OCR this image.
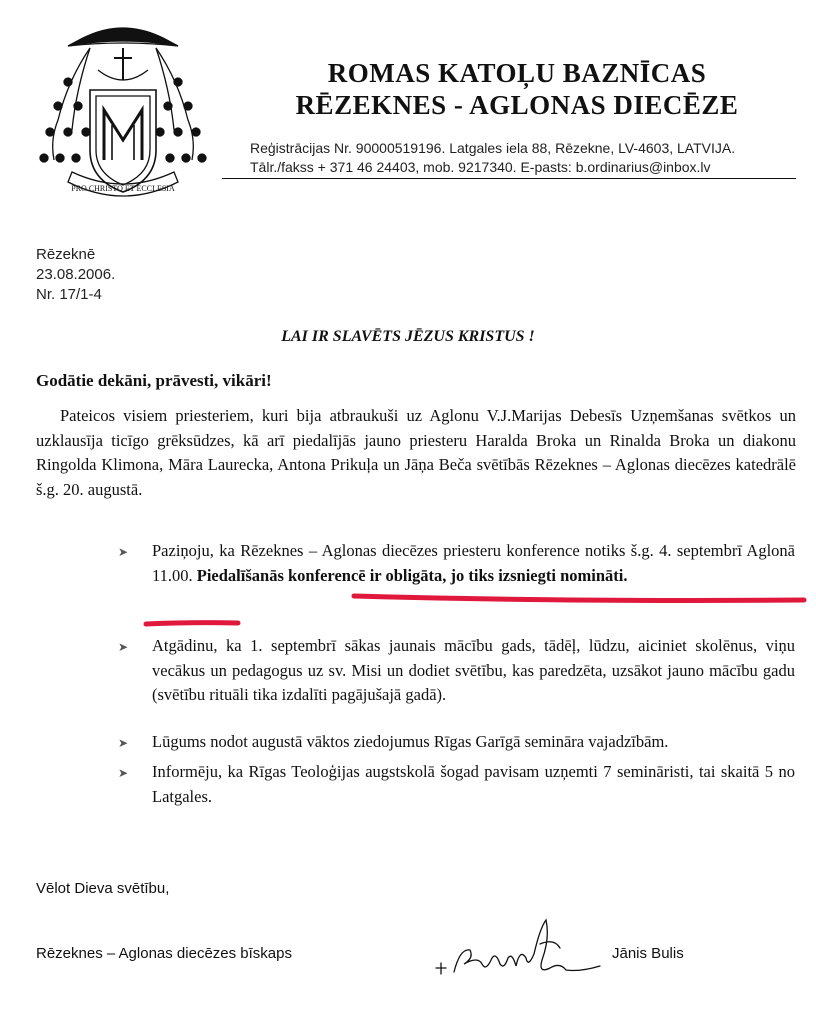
PRO CHRISTO ET ECCLESIA
ROMAS KATOĻU BAZNĪCAS
RĒZEKNES - AGLONAS DIECĒZE
Reģistrācijas Nr. 90000519196. Latgales iela 88, Rēzekne, LV-4603, LATVIJA.
Tālr./fakss + 371 46 24403, mob. 9217340. E-pasts: b.ordinarius@inbox.lv
Rēzeknē
23.08.2006.
Nr. 17/1-4
LAI IR SLAVĒTS JĒZUS KRISTUS !
Godātie dekāni, prāvesti, vikāri!
Pateicos visiem priesteriem, kuri bija atbraukuši uz Aglonu V.J.Marijas Debesīs Uzņemšanas svētkos un uzklausīja ticīgo grēksūdzes, kā arī piedalījās jauno priesteru Haralda Broka un Rinalda Broka un diakonu Ringolda Klimona, Māra Laurecka, Antona Prikuļa un Jāņa Beča svētībās Rēzeknes – Aglonas diecēzes katedrālē š.g. 20. augustā.
➤	Paziņoju, ka Rēzeknes – Aglonas diecēzes priesteru konference notiks š.g. 4. septembrī Aglonā 11.00. Piedalīšanās konferencē ir obligāta, jo tiks izsniegti nomināti.
➤	Atgādinu, ka 1. septembrī sākas jaunais mācību gads, tādēļ, lūdzu, aiciniet skolēnus, viņu vecākus un pedagogus uz sv. Misi un dodiet svētību, kas paredzēta, uzsākot jauno mācību gadu (svētību rituāli tika izdalīti pagājušajā gadā).
➤	Lūgums nodot augustā vāktos ziedojumus Rīgas Garīgā semināra vajadzībām.
➤	Informēju, ka Rīgas Teoloģijas augstskolā šogad pavisam uzņemti 7 semināristi, tai skaitā 5 no Latgales.
Vēlot Dieva svētību,
Rēzeknes – Aglonas diecēzes bīskaps	Jānis Bulis
